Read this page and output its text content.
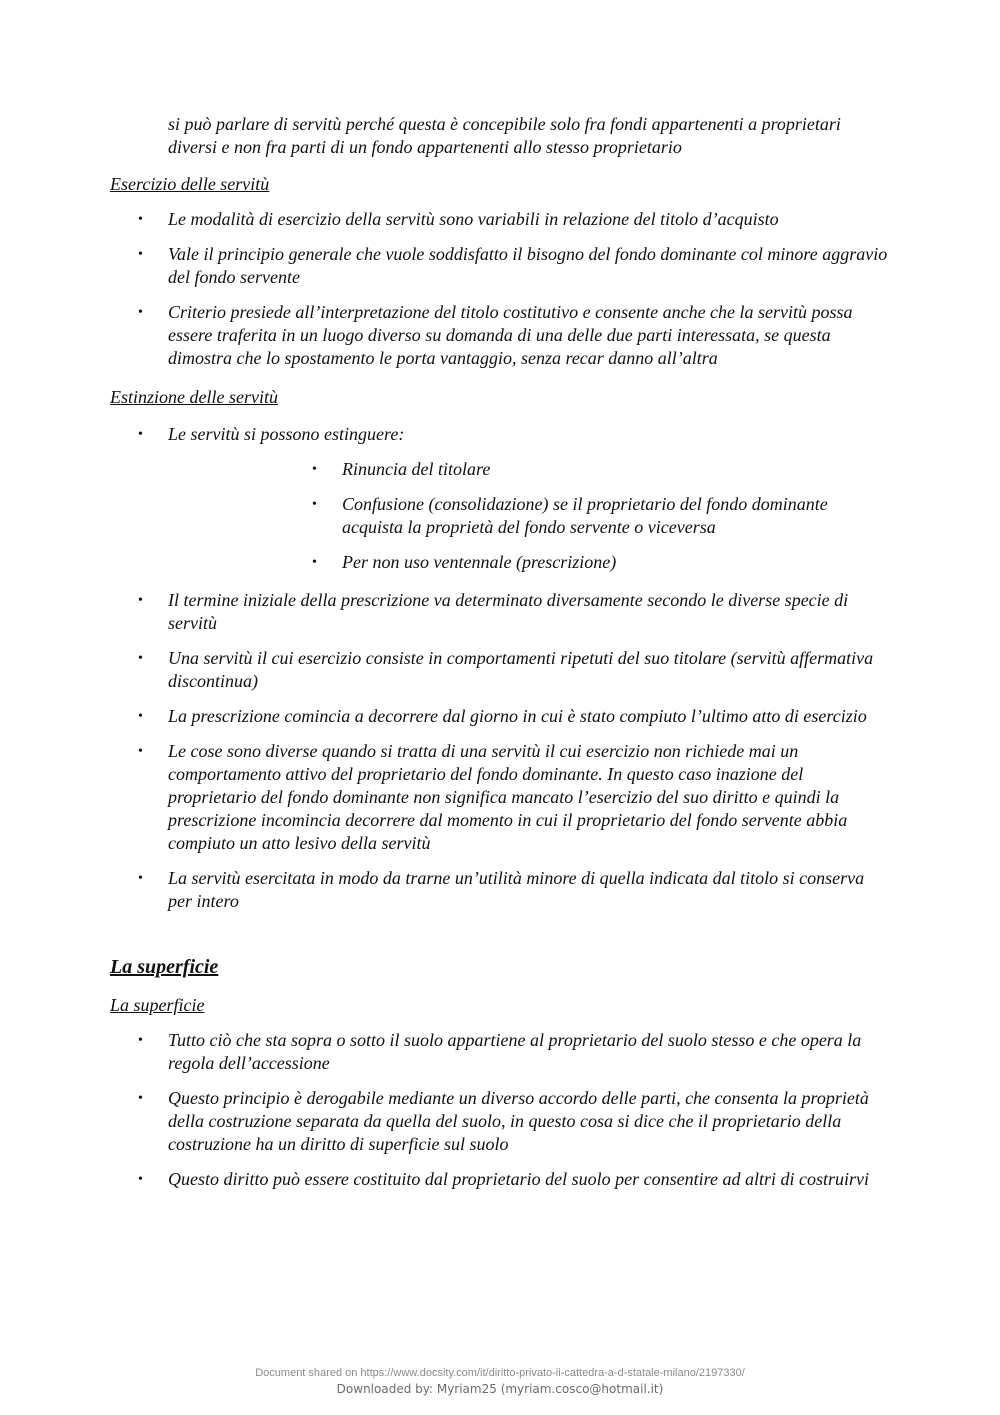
si può parlare di servitù perché questa è concepibile solo fra fondi appartenenti a proprietari diversi e non fra parti di un fondo appartenenti allo stesso proprietario

Esercizio delle servitù

• Le modalità di esercizio della servitù sono variabili in relazione del titolo d’acquisto
• Vale il principio generale che vuole soddisfatto il bisogno del fondo dominante col minore aggravio del fondo servente
• Criterio presiede all’interpretazione del titolo costitutivo e consente anche che la servitù possa essere traferita in un luogo diverso su domanda di una delle due parti interessata, se questa dimostra che lo spostamento le porta vantaggio, senza recar danno all’altra

Estinzione delle servitù

• Le servitù si possono estinguere:
• Rinuncia del titolare
• Confusione (consolidazione) se il proprietario del fondo dominante acquista la proprietà del fondo servente o viceversa
• Per non uso ventennale (prescrizione)
• Il termine iniziale della prescrizione va determinato diversamente secondo le diverse specie di servitù
• Una servitù il cui esercizio consiste in comportamenti ripetuti del suo titolare (servitù affermativa discontinua)
• La prescrizione comincia a decorrere dal giorno in cui è stato compiuto l’ultimo atto di esercizio
• Le cose sono diverse quando si tratta di una servitù il cui esercizio non richiede mai un comportamento attivo del proprietario del fondo dominante. In questo caso inazione del proprietario del fondo dominante non significa mancato l’esercizio del suo diritto e quindi la prescrizione incomincia decorrere dal momento in cui il proprietario del fondo servente abbia compiuto un atto lesivo della servitù
• La servitù esercitata in modo da trarne un’utilità minore di quella indicata dal titolo si conserva per intero

La superficie

La superficie

• Tutto ciò che sta sopra o sotto il suolo appartiene al proprietario del suolo stesso e che opera la regola dell’accessione
• Questo principio è derogabile mediante un diverso accordo delle parti, che consenta la proprietà della costruzione separata da quella del suolo, in questo cosa si dice che il proprietario della costruzione ha un diritto di superficie sul suolo
• Questo diritto può essere costituito dal proprietario del suolo per consentire ad altri di costruirvi
Document shared on https://www.docsity.com/it/diritto-privato-ii-cattedra-a-d-statale-milano/2197330/
Downloaded by: Myriam25 (myriam.cosco@hotmail.it)
